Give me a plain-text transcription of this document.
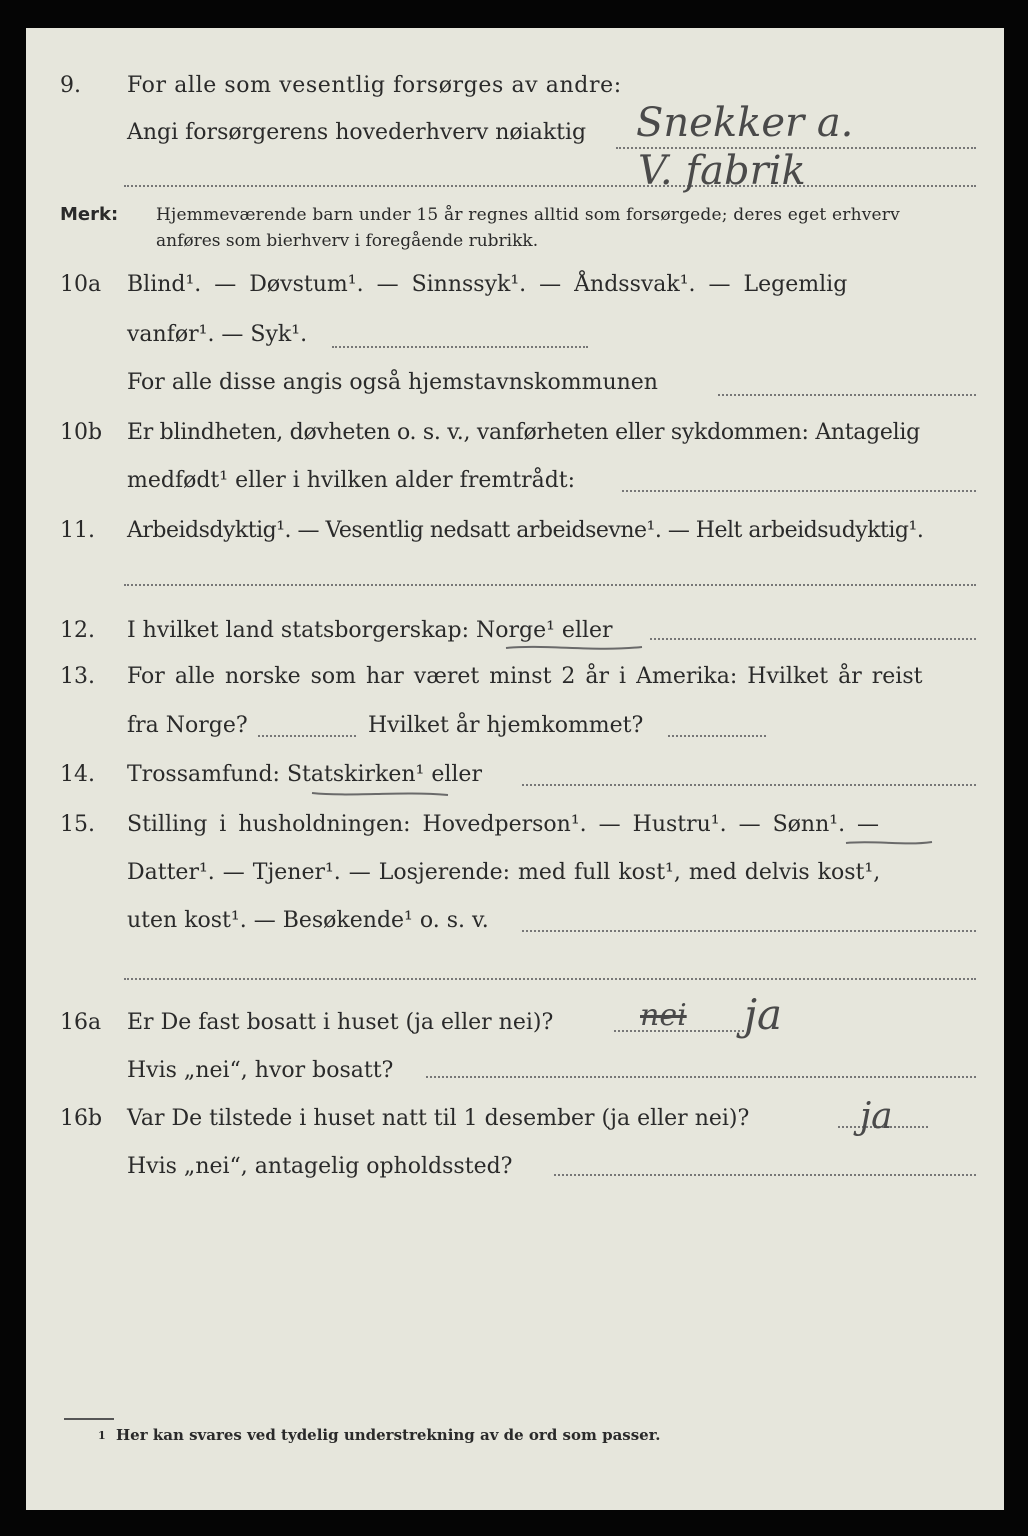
9. For alle som vesentlig forsørges av andre:
Angi forsørgerens hovederhverv nøiaktig Snekker a.
V. fabrik
Merk: Hjemmeværende barn under 15 år regnes alltid som forsørgede; deres eget erhverv
anføres som bierhverv i foregående rubrikk.
10a Blind¹. — Døvstum¹. — Sinnssyk¹. — Åndssvak¹. — Legemlig
vanfør¹. — Syk¹.
For alle disse angis også hjemstavnskommunen
10b Er blindheten, døvheten o. s. v., vanførheten eller sykdommen: Antagelig
medfødt¹ eller i hvilken alder fremtrådt:
11. Arbeidsdyktig¹. — Vesentlig nedsatt arbeidsevne¹. — Helt arbeidsudyktig¹.
12. I hvilket land statsborgerskap: Norge¹ eller
13. For alle norske som har været minst 2 år i Amerika: Hvilket år reist
fra Norge?	Hvilket år hjemkommet?
14. Trossamfund: Statskirken¹ eller
15. Stilling i husholdningen: Hovedperson¹. — Hustru¹. — Sønn¹. —
Datter¹. — Tjener¹. — Losjerende: med full kost¹, med delvis kost¹,
uten kost¹. — Besøkende¹ o. s. v.
16a Er De fast bosatt i huset (ja eller nei)?	nei ja
Hvis „nei“, hvor bosatt?
16b Var De tilstede i huset natt til 1 desember (ja eller nei)?	ja
Hvis „nei“, antagelig opholdssted?
1 Her kan svares ved tydelig understrekning av de ord som passer.
